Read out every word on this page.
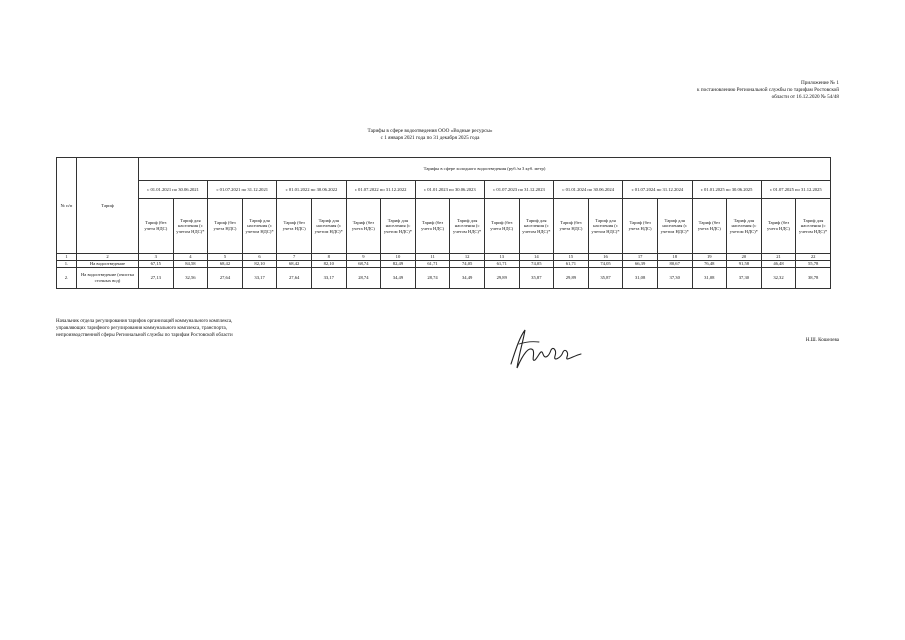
Приложение № 1
к постановлению Региональной службы по тарифам Ростовской
области от 16.12.2020 № 54/48
Тарифы в сфере водоотведения ООО «Водные ресурсы»
с 1 января 2021 года по 31 декабря 2025 года
№ п/п	Тариф	Тарифы в сфере холодного водоотведения (руб./м 3 куб. метр)																			
		с 01.01.2021 по 30.06.2021		с 01.07.2021 по 31.12.2021		с 01.01.2022 по 30.06.2022		с 01.07.2022 по 31.12.2022		с 01.01.2023 по 30.06.2023		с 01.07.2023 по 31.12.2023		с 01.01.2024 по 30.06.2024		с 01.07.2024 по 31.12.2024		с 01.01.2025 по 30.06.2025		с 01.07.2025 по 31.12.2025	
		Тариф (без учета НДС)	Тариф для населения (с учетом НДС)*	Тариф (без учета НДС)	Тариф для населения (с учетом НДС)*	Тариф (без учета НДС)	Тариф для населения (с учетом НДС)*	Тариф (без учета НДС)	Тариф для населения (с учетом НДС)*	Тариф (без учета НДС)	Тариф для населения (с учетом НДС)*	Тариф (без учета НДС)	Тариф для населения (с учетом НДС)*	Тариф (без учета НДС)	Тариф для населения (с учетом НДС)*	Тариф (без учета НДС)	Тариф для населения (с учетом НДС)*	Тариф (без учета НДС)	Тариф для населения (с учетом НДС)*	Тариф (без учета НДС)	Тариф для населения (с учетом НДС)*
1	2	3	4	5	6	7	8	9	10	11	12	13	14	15	16	17	18	19	20	21	22
1.	На водоотведение	67,15	84,58	68,42	82,10	68,42	82,10	68,74	82,49	61,71	74,05	61,71	74,05	61,71	74,05	66,39	80,67	76,48	91,58	46,48	55,78
2.	На водоотведение (очистка сточных вод)	27,13	32,56	27,64	33,17	27,64	33,17	28,74	34,49	28,74	34,49	29,89	35,87	29,89	35,87	31,08	37,30	31,08	37,30	32,32	38,78
Начальник отдела регулирования тарифов организаций коммунального комплекса,
управляющих тарифного регулирования коммунального комплекса, транспорта,
непроизводственной сферы Региональной службы по тарифам Ростовской области
Н.Ш. Кошелева
